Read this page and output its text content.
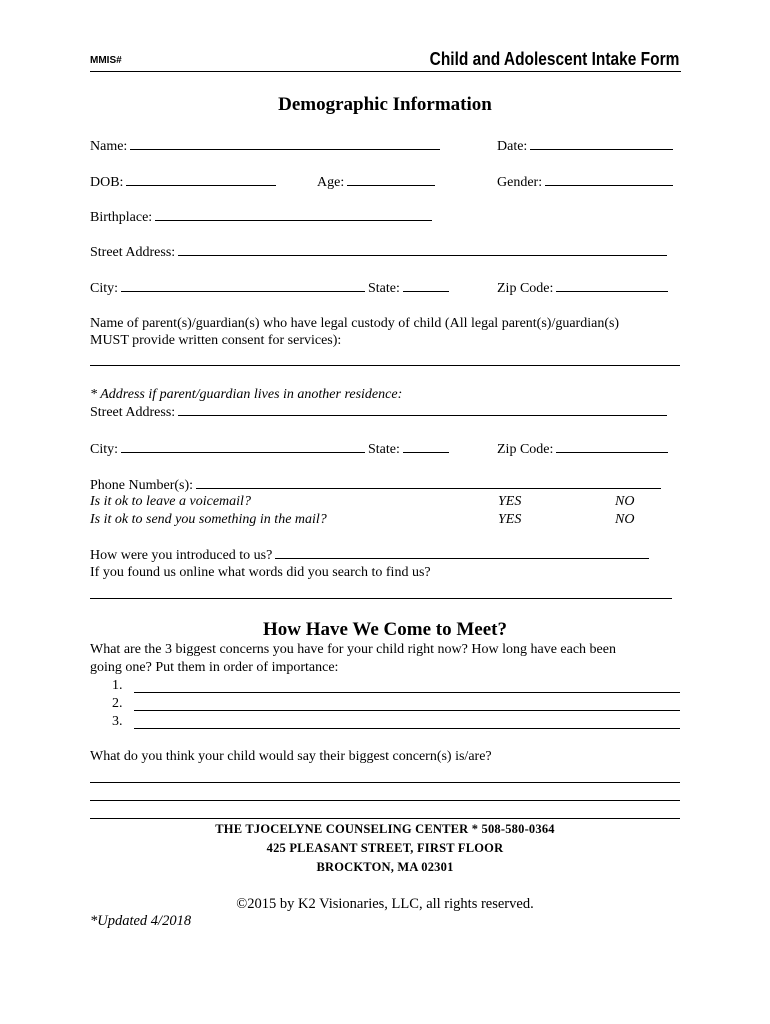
MMIS#	Child and Adolescent Intake Form
Demographic Information
Name:	Date:
DOB:	Age:	Gender:
Birthplace:
Street Address:
City:	State:	Zip Code:
Name of parent(s)/guardian(s) who have legal custody of child (All legal parent(s)/guardian(s)
MUST provide written consent for services):
* Address if parent/guardian lives in another residence:
Street Address:
City:	State:	Zip Code:
Phone Number(s):
Is it ok to leave a voicemail?	YES	NO
Is it ok to send you something in the mail?	YES	NO
How were you introduced to us?
If you found us online what words did you search to find us?
How Have We Come to Meet?
What are the 3 biggest concerns you have for your child right now? How long have each been
going one? Put them in order of importance:
1.
2.
3.
What do you think your child would say their biggest concern(s) is/are?
THE TJOCELYNE COUNSELING CENTER * 508-580-0364
425 PLEASANT STREET, FIRST FLOOR
BROCKTON, MA 02301
©2015 by K2 Visionaries, LLC, all rights reserved.
*Updated 4/2018
